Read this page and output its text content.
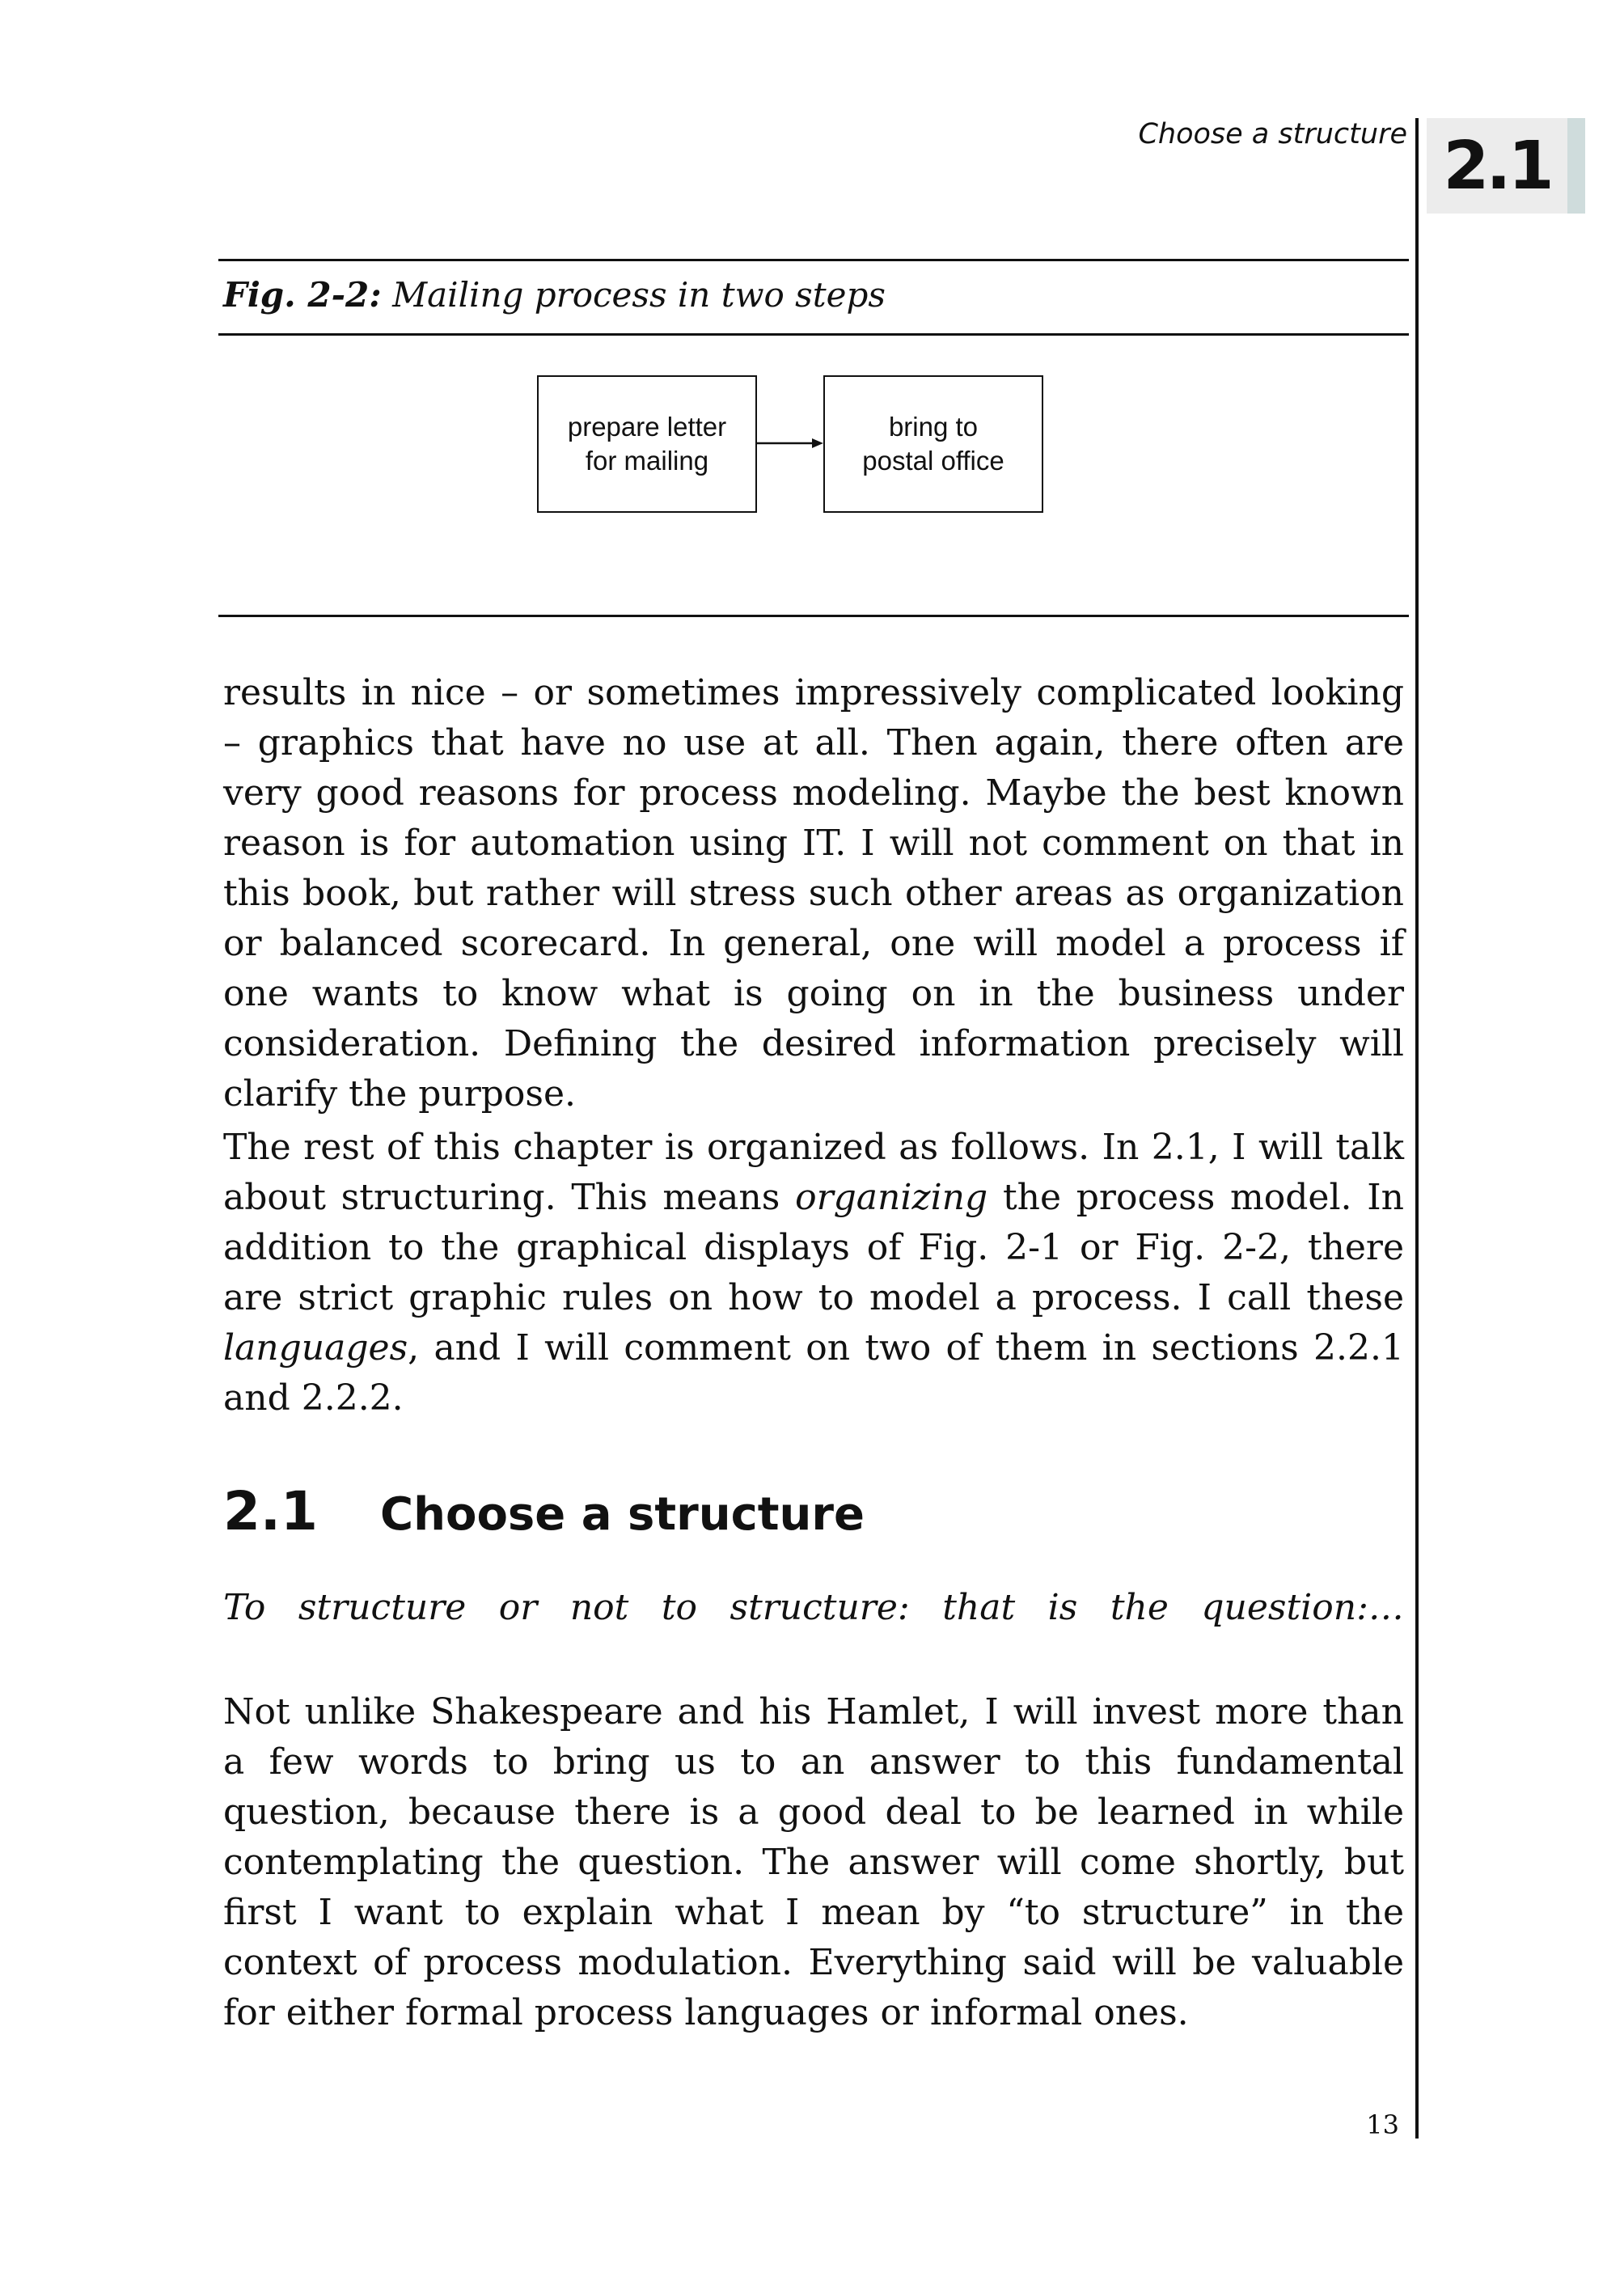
Choose a structure 2.1
Fig. 2-2: Mailing process in two steps
prepare letter
for mailing
bring to
postal office

results in nice – or sometimes impressively complicated looking – graphics that have no use at all. Then again, there often are very good reasons for process modeling. Maybe the best known reason is for automation using IT. I will not comment on that in this book, but rather will stress such other areas as organization or balanced scorecard. In general, one will model a process if one wants to know what is going on in the business under consideration. Defining the desired information precisely will clarify the purpose.

The rest of this chapter is organized as follows. In 2.1, I will talk about structuring. This means organizing the process model. In addition to the graphical displays of Fig. 2-1 or Fig. 2-2, there are strict graphic rules on how to model a process. I call these languages, and I will comment on two of them in sections 2.2.1 and 2.2.2.

2.1	Choose a structure
To structure or not to structure: that is the question:…

Not unlike Shakespeare and his Hamlet, I will invest more than a few words to bring us to an answer to this fundamental question, because there is a good deal to be learned in while contemplating the question. The answer will come shortly, but first I want to explain what I mean by “to structure” in the context of process modulation. Everything said will be valuable for either formal process languages or informal ones.

13
